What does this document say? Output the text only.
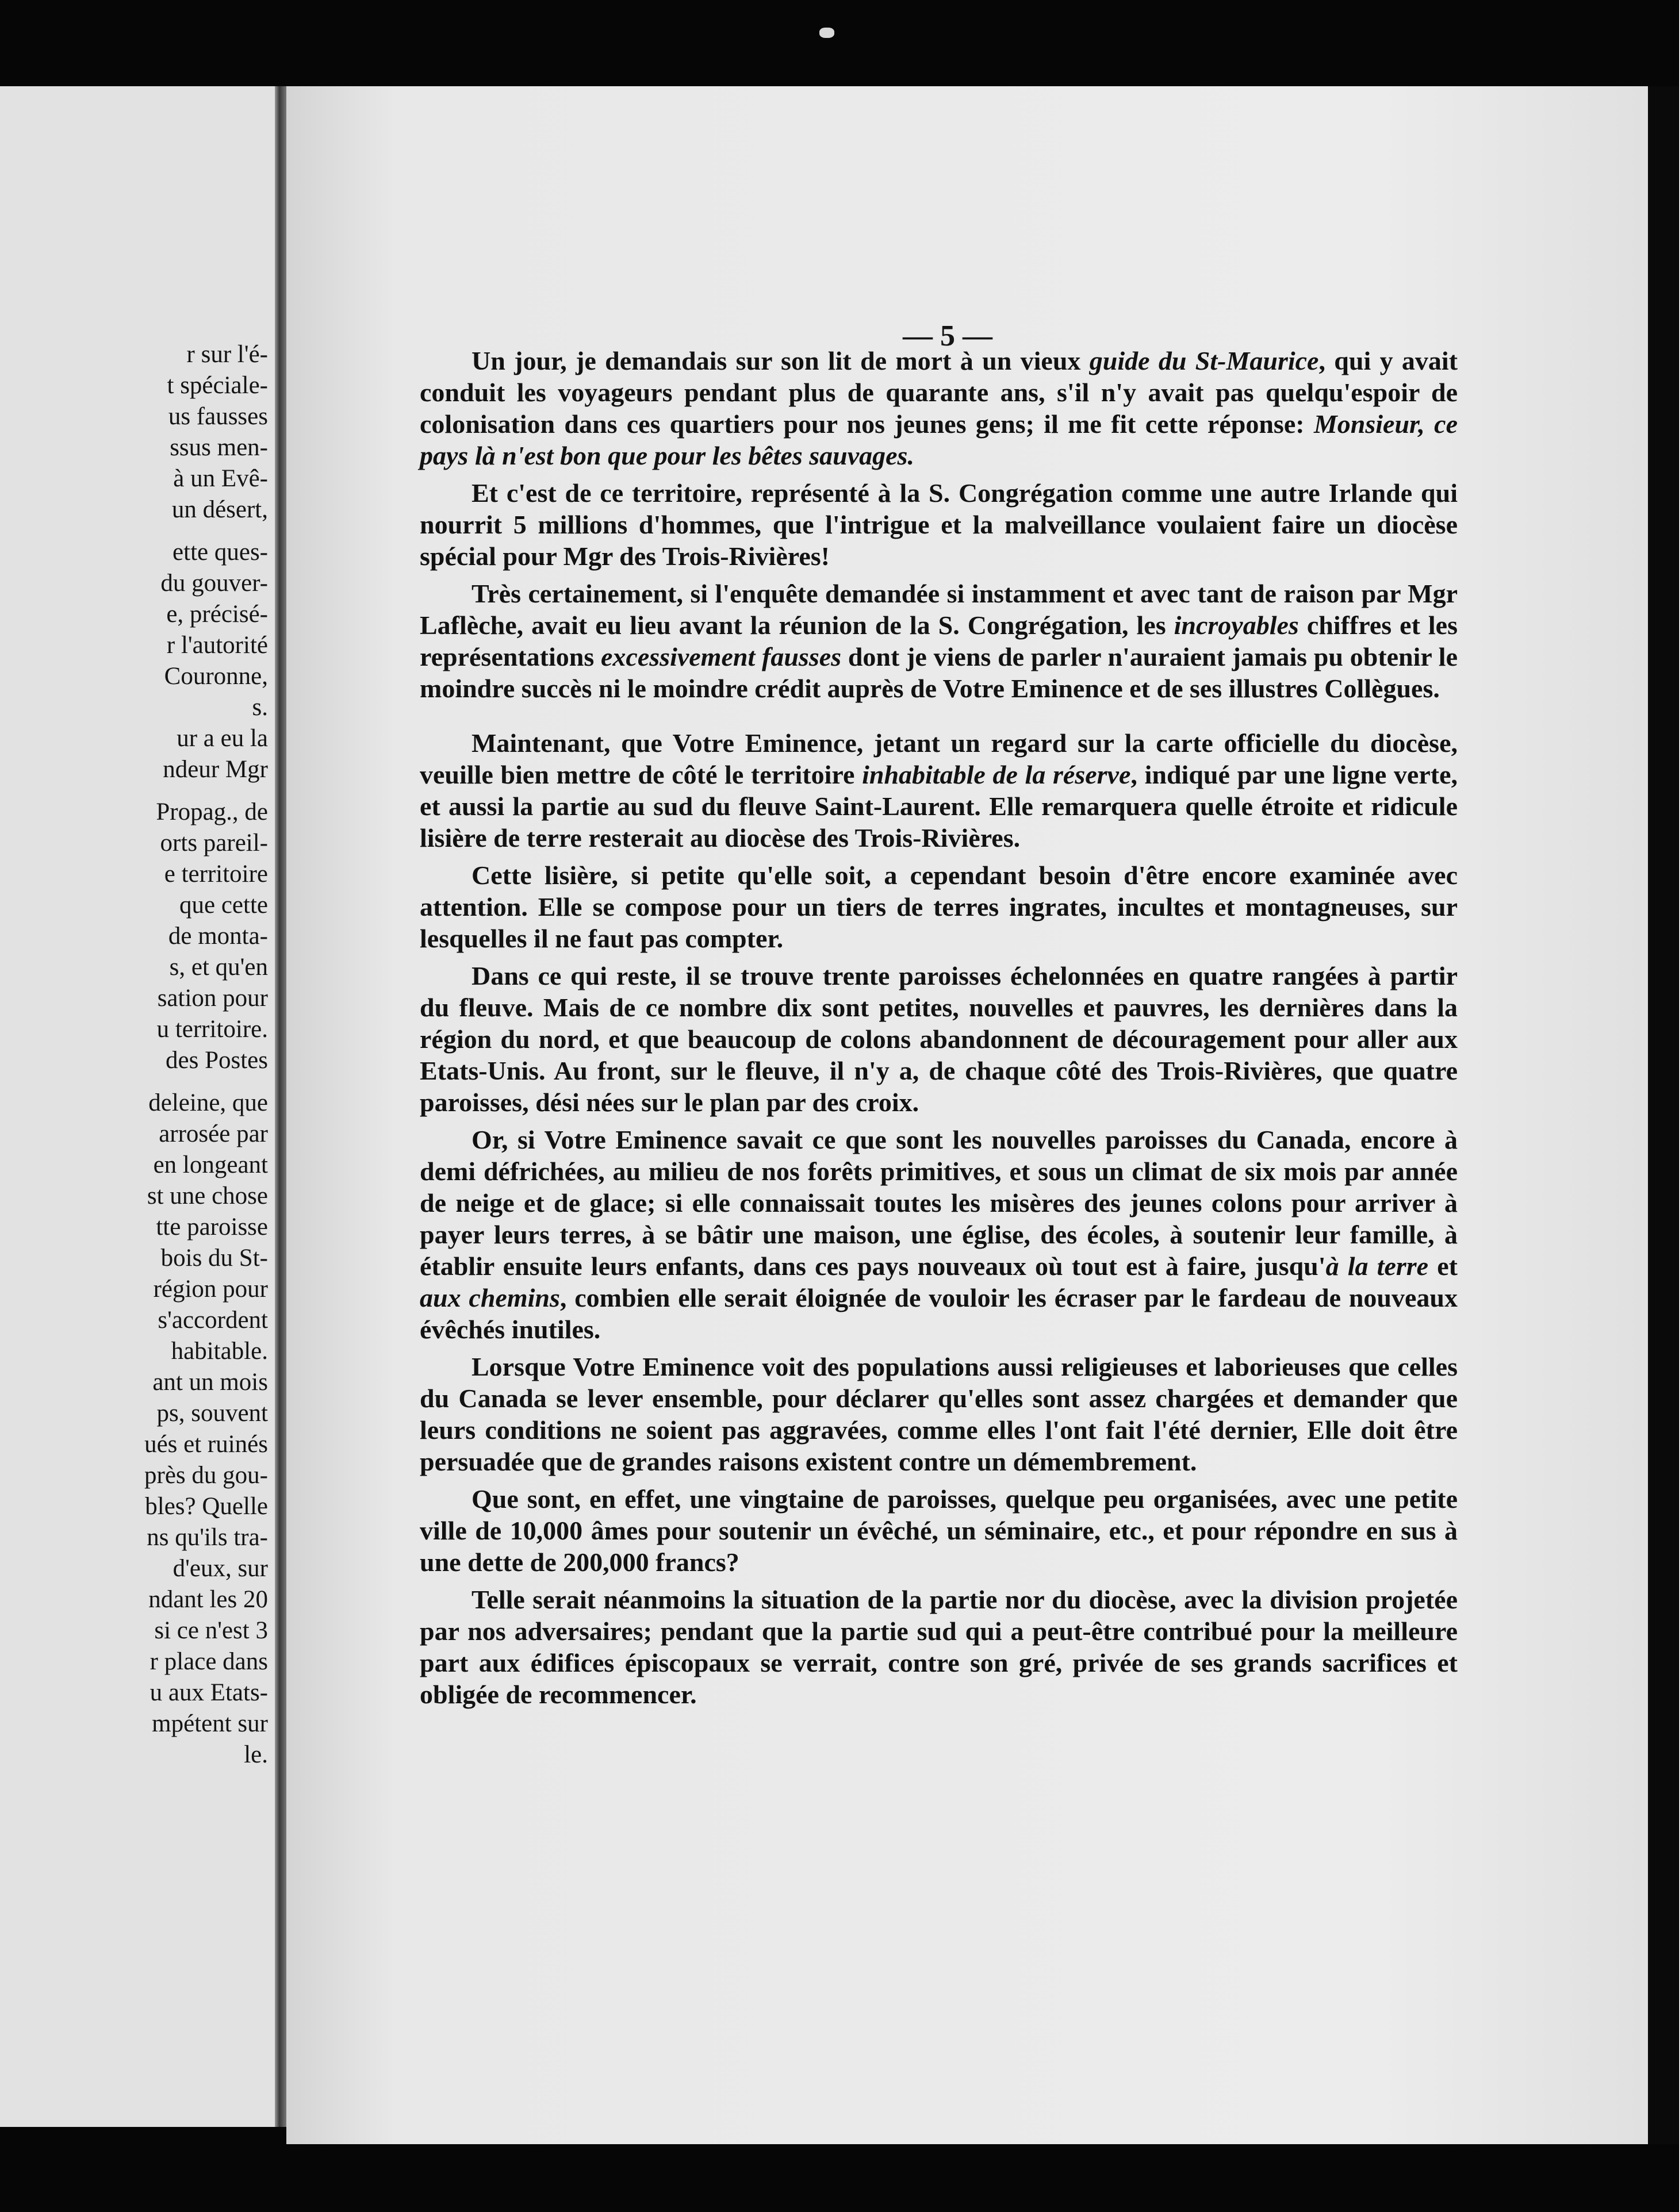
r sur l'é-
t spéciale-
us fausses
ssus men-
à un Evê-
un désert,
ette ques-
du gouver-
e, précisé-
r l'autorité
Couronne,
s.
ur a eu la
ndeur Mgr
Propag., de
orts pareil-
e territoire
que cette
de monta-
s, et qu'en
sation pour
u territoire.
des Postes
deleine, que
arrosée par
en longeant
st une chose
tte paroisse
bois du St-
région pour
s'accordent
habitable.
ant un mois
ps, souvent
ués et ruinés
près du gou-
bles? Quelle
ns qu'ils tra-
d'eux, sur
ndant les 20
si ce n'est 3
r place dans
u aux Etats-
mpétent sur
le.
— 5 —

Un jour, je demandais sur son lit de mort à un vieux guide du St-Maurice, qui y avait conduit les voyageurs pendant plus de quarante ans, s'il n'y avait pas quelqu'espoir de colonisation dans ces quartiers pour nos jeunes gens; il me fit cette réponse: Monsieur, ce pays là n'est bon que pour les bêtes sauvages.

Et c'est de ce territoire, représenté à la S. Congrégation comme une autre Irlande qui nourrit 5 millions d'hommes, que l'intrigue et la malveillance voulaient faire un diocèse spécial pour Mgr des Trois-Rivières!

Très certainement, si l'enquête demandée si instamment et avec tant de raison par Mgr Laflèche, avait eu lieu avant la réunion de la S. Congrégation, les incroyables chiffres et les représentations excessivement fausses dont je viens de parler n'auraient jamais pu obtenir le moindre succès ni le moindre crédit auprès de Votre Eminence et de ses illustres Collègues.

Maintenant, que Votre Eminence, jetant un regard sur la carte officielle du diocèse, veuille bien mettre de côté le territoire inhabitable de la réserve, indiqué par une ligne verte, et aussi la partie au sud du fleuve Saint-Laurent. Elle remarquera quelle étroite et ridicule lisière de terre resterait au diocèse des Trois-Rivières.

Cette lisière, si petite qu'elle soit, a cependant besoin d'être encore examinée avec attention. Elle se compose pour un tiers de terres ingrates, incultes et montagneuses, sur lesquelles il ne faut pas compter.

Dans ce qui reste, il se trouve trente paroisses échelonnées en quatre rangées à partir du fleuve. Mais de ce nombre dix sont petites, nouvelles et pauvres, les dernières dans la région du nord, et que beaucoup de colons abandonnent de découragement pour aller aux Etats-Unis. Au front, sur le fleuve, il n'y a, de chaque côté des Trois-Rivières, que quatre paroisses, dési nées sur le plan par des croix.

Or, si Votre Eminence savait ce que sont les nouvelles paroisses du Canada, encore à demi défrichées, au milieu de nos forêts primitives, et sous un climat de six mois par année de neige et de glace; si elle connaissait toutes les misères des jeunes colons pour arriver à payer leurs terres, à se bâtir une maison, une église, des écoles, à soutenir leur famille, à établir ensuite leurs enfants, dans ces pays nouveaux où tout est à faire, jusqu'à la terre et aux chemins, combien elle serait éloignée de vouloir les écraser par le fardeau de nouveaux évêchés inutiles.

Lorsque Votre Eminence voit des populations aussi religieuses et laborieuses que celles du Canada se lever ensemble, pour déclarer qu'elles sont assez chargées et demander que leurs conditions ne soient pas aggravées, comme elles l'ont fait l'été dernier, Elle doit être persuadée que de grandes raisons existent contre un démembrement.

Que sont, en effet, une vingtaine de paroisses, quelque peu organisées, avec une petite ville de 10,000 âmes pour soutenir un évêché, un séminaire, etc., et pour répondre en sus à une dette de 200,000 francs?

Telle serait néanmoins la situation de la partie nor du diocèse, avec la division projetée par nos adversaires; pendant que la partie sud qui a peut-être contribué pour la meilleure part aux édifices épiscopaux se verrait, contre son gré, privée de ses grands sacrifices et obligée de recommencer.
